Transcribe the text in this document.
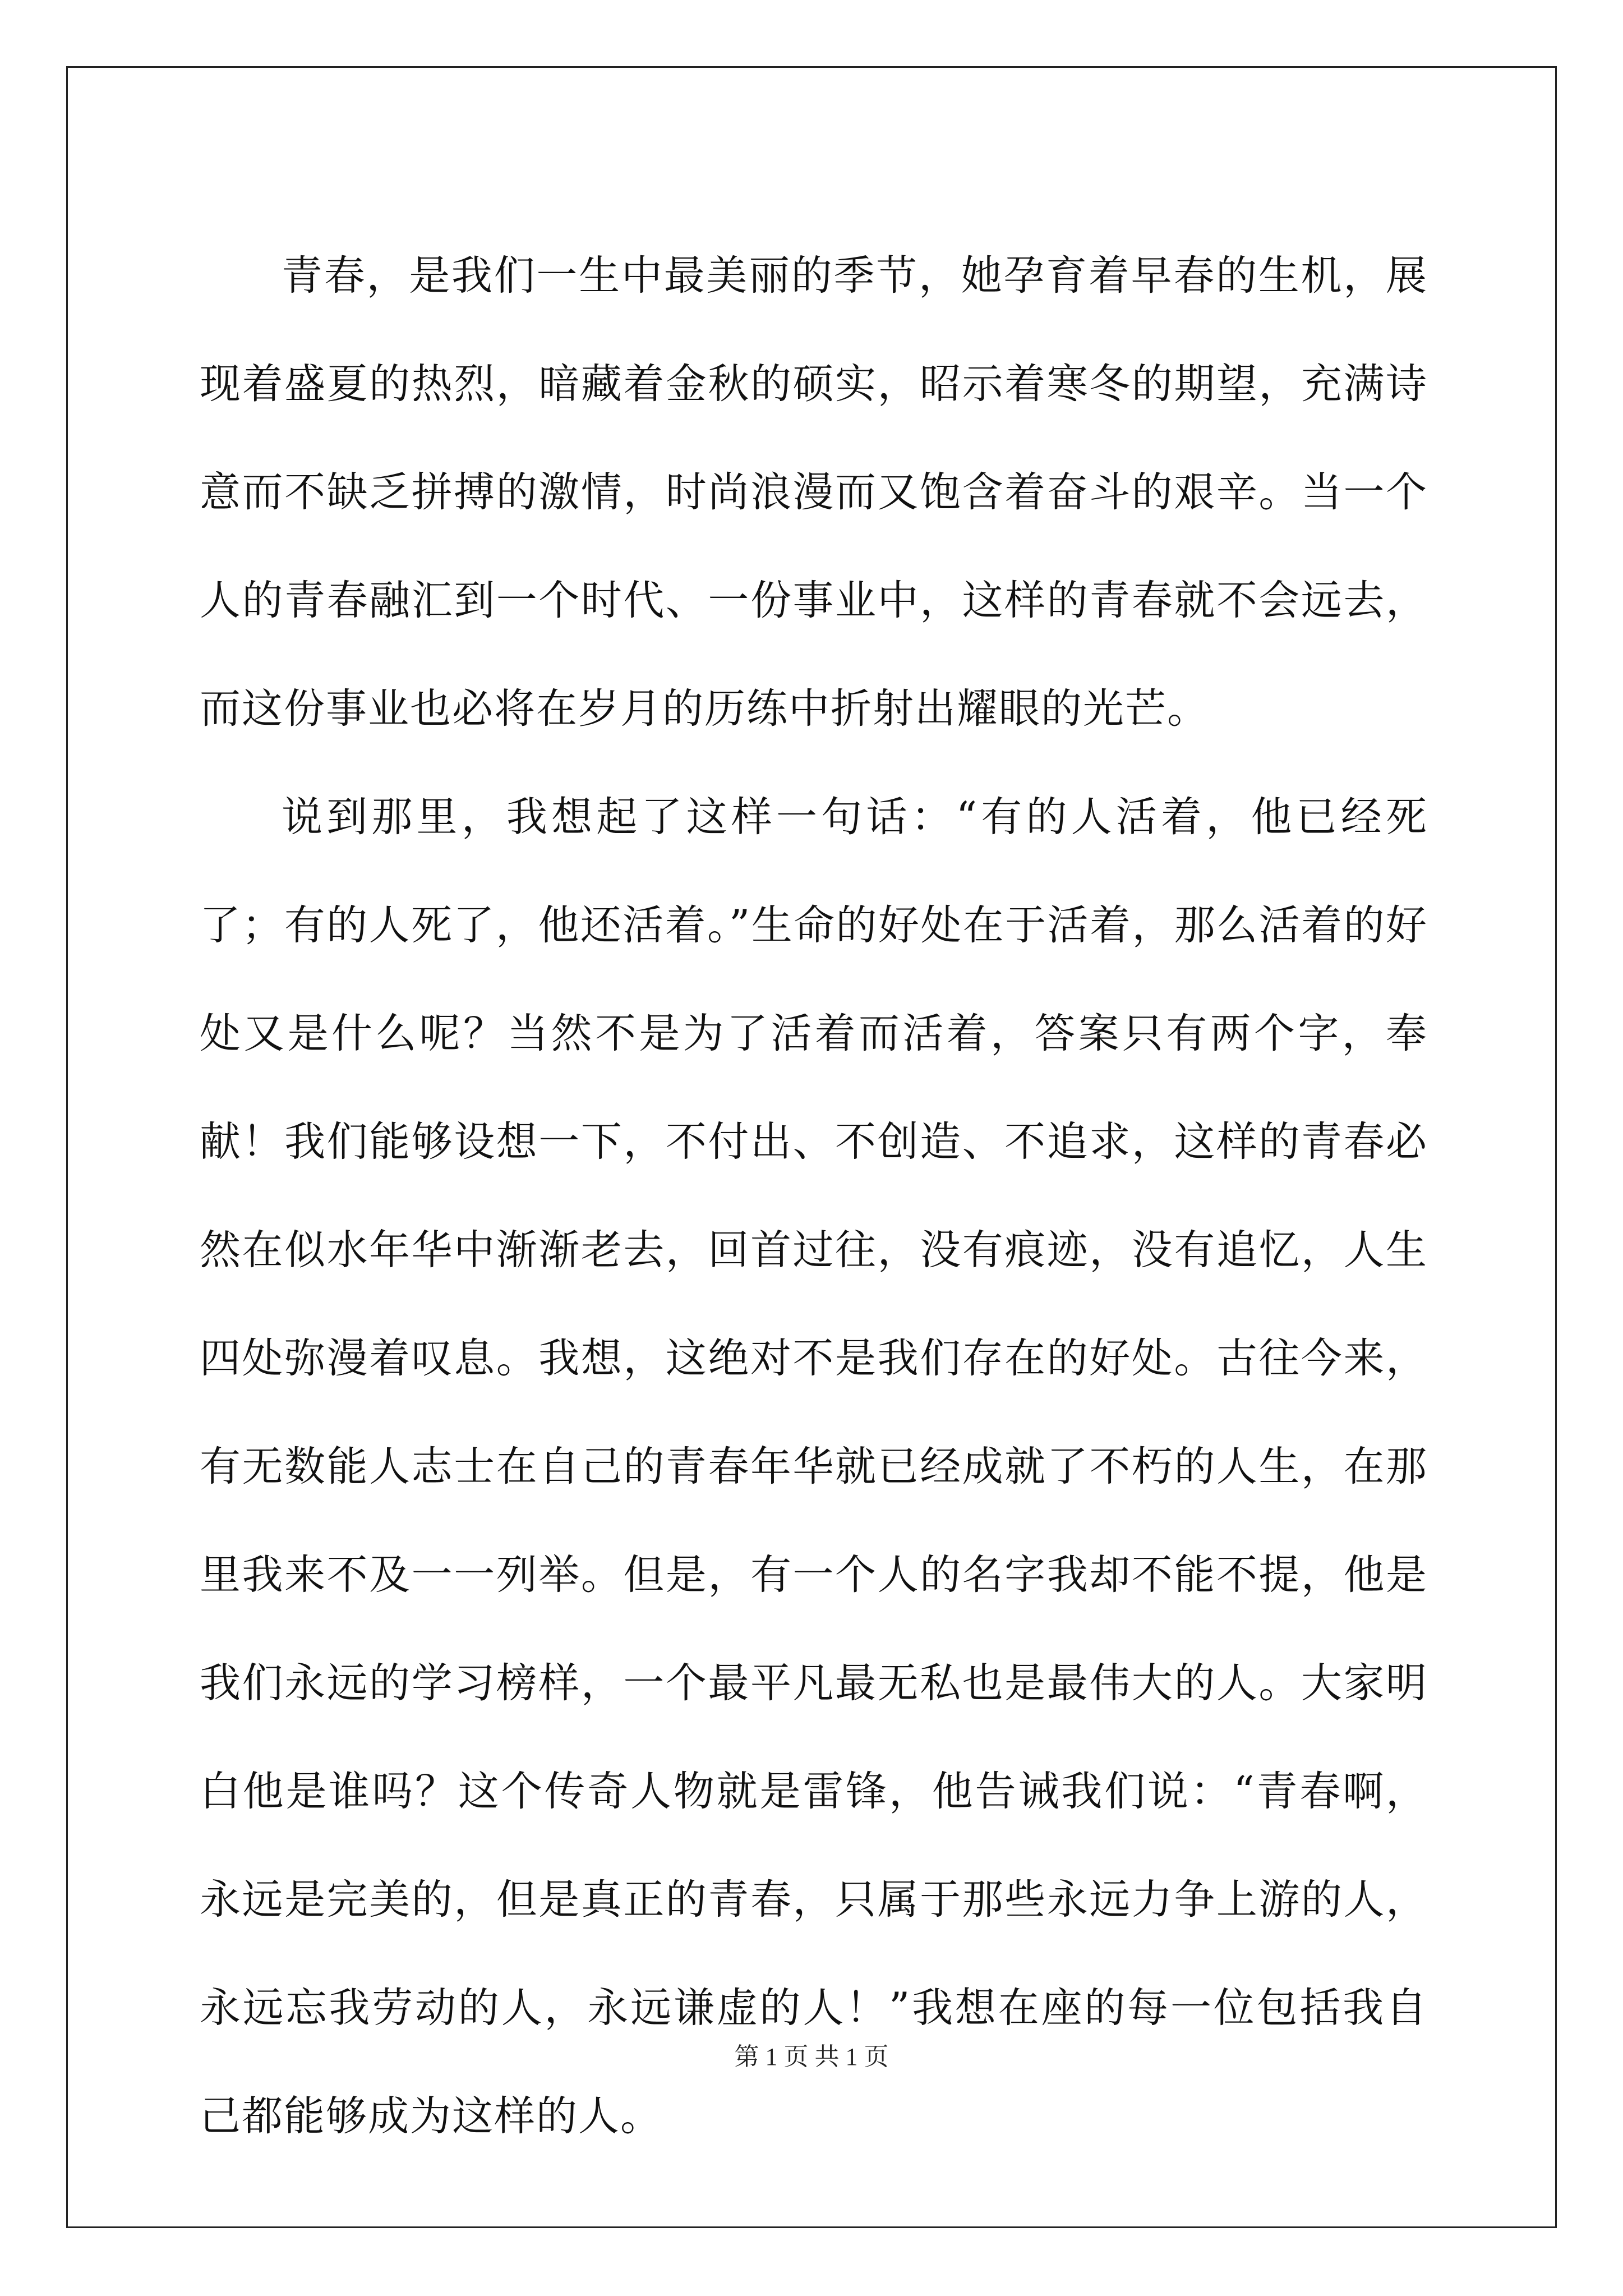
青春，是我们一生中最美丽的季节，她孕育着早春的生机，展现着盛夏的热烈，暗藏着金秋的硕实，昭示着寒冬的期望，充满诗意而不缺乏拼搏的激情，时尚浪漫而又饱含着奋斗的艰辛。当一个人的青春融汇到一个时代、一份事业中，这样的青春就不会远去，而这份事业也必将在岁月的历练中折射出耀眼的光芒。

说到那里，我想起了这样一句话：“有的人活着，他已经死了；有的人死了，他还活着。”生命的好处在于活着，那么活着的好处又是什么呢？当然不是为了活着而活着，答案只有两个字，奉献！我们能够设想一下，不付出、不创造、不追求，这样的青春必然在似水年华中渐渐老去，回首过往，没有痕迹，没有追忆，人生四处弥漫着叹息。我想，这绝对不是我们存在的好处。古往今来，有无数能人志士在自己的青春年华就已经成就了不朽的人生，在那里我来不及一一列举。但是，有一个人的名字我却不能不提，他是我们永远的学习榜样，一个最平凡最无私也是最伟大的人。大家明白他是谁吗？这个传奇人物就是雷锋，他告诫我们说：“青春啊，永远是完美的，但是真正的青春，只属于那些永远力争上游的人，永远忘我劳动的人，永远谦虚的人！”我想在座的每一位包括我自己都能够成为这样的人。

第 1 页 共 1 页
